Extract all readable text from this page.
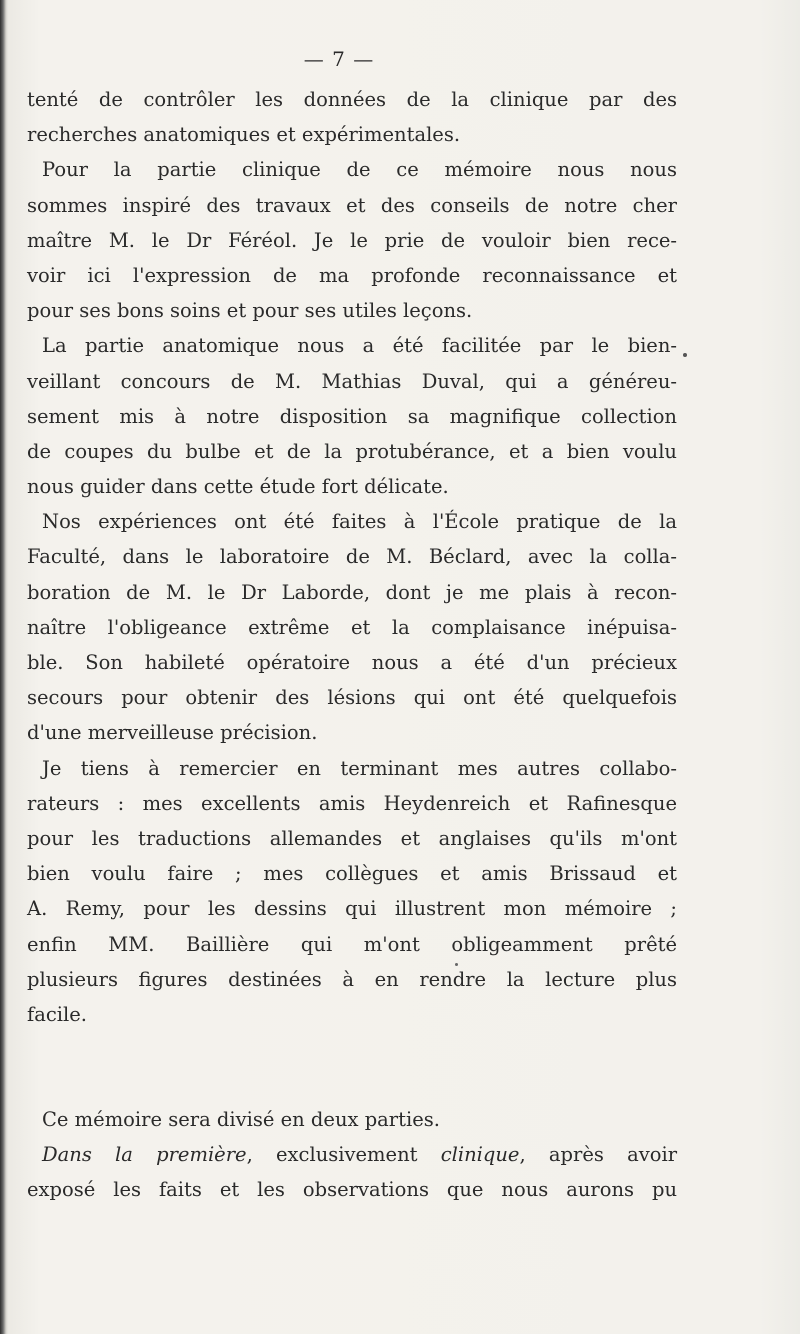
— 7 —
tenté de contrôler les données de la clinique par des
recherches anatomiques et expérimentales.
Pour la partie clinique de ce mémoire nous nous
sommes inspiré des travaux et des conseils de notre cher
maître M. le Dr Féréol. Je le prie de vouloir bien rece-
voir ici l'expression de ma profonde reconnaissance et
pour ses bons soins et pour ses utiles leçons.
La partie anatomique nous a été facilitée par le bien-
veillant concours de M. Mathias Duval, qui a généreu-
sement mis à notre disposition sa magnifique collection
de coupes du bulbe et de la protubérance, et a bien voulu
nous guider dans cette étude fort délicate.
Nos expériences ont été faites à l'École pratique de la
Faculté, dans le laboratoire de M. Béclard, avec la colla-
boration de M. le Dr Laborde, dont je me plais à recon-
naître l'obligeance extrême et la complaisance inépuisa-
ble. Son habileté opératoire nous a été d'un précieux
secours pour obtenir des lésions qui ont été quelquefois
d'une merveilleuse précision.
Je tiens à remercier en terminant mes autres collabo-
rateurs : mes excellents amis Heydenreich et Rafinesque
pour les traductions allemandes et anglaises qu'ils m'ont
bien voulu faire ; mes collègues et amis Brissaud et
A. Remy, pour les dessins qui illustrent mon mémoire ;
enfin MM. Baillière qui m'ont obligeamment prêté
plusieurs figures destinées à en rendre la lecture plus
facile.
Ce mémoire sera divisé en deux parties.
Dans la première, exclusivement clinique, après avoir
exposé les faits et les observations que nous aurons pu
